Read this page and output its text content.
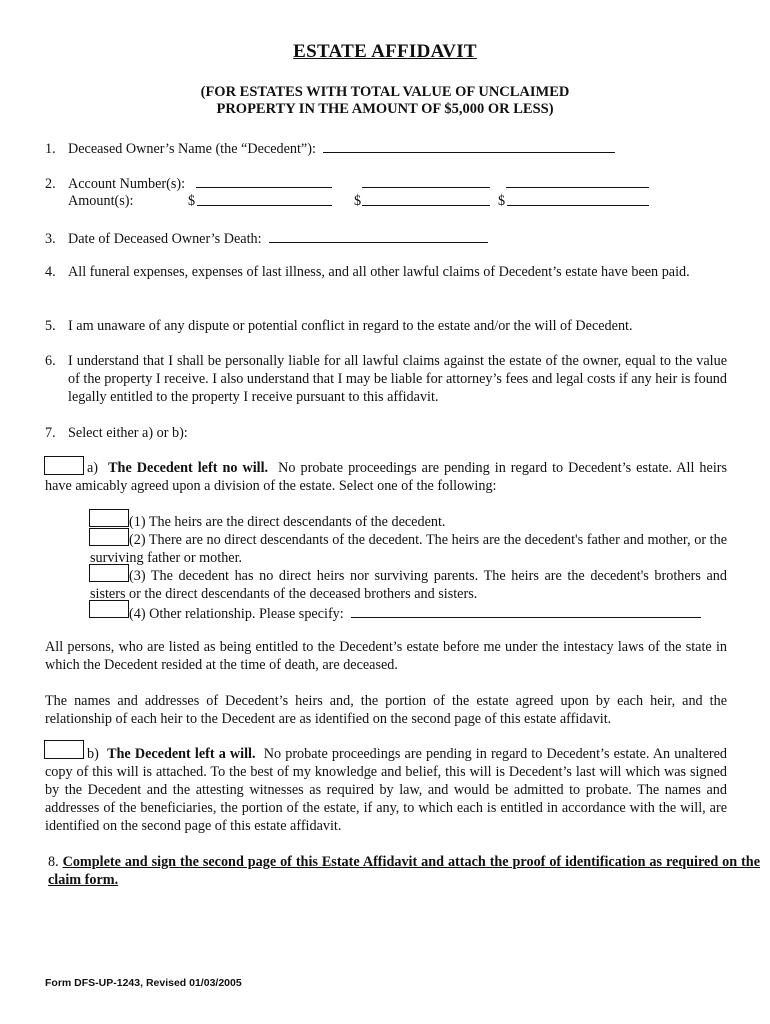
ESTATE AFFIDAVIT
(FOR ESTATES WITH TOTAL VALUE OF UNCLAIMED
PROPERTY IN THE AMOUNT OF $5,000 OR LESS)
1. Deceased Owner’s Name (the “Decedent”):
2. Account Number(s):
Amount(s):	$	$	$
3. Date of Deceased Owner’s Death:
4. All funeral expenses, expenses of last illness, and all other lawful claims of Decedent’s estate have been paid.
5. I am unaware of any dispute or potential conflict in regard to the estate and/or the will of Decedent.
6. I understand that I shall be personally liable for all lawful claims against the estate of the owner, equal to the value of the property I receive. I also understand that I may be liable for attorney’s fees and legal costs if any heir is found legally entitled to the property I receive pursuant to this affidavit.
7. Select either a) or b):
a) The Decedent left no will. No probate proceedings are pending in regard to Decedent’s estate. All heirs have amicably agreed upon a division of the estate. Select one of the following:
(1) The heirs are the direct descendants of the decedent.
(2) There are no direct descendants of the decedent. The heirs are the decedent's father and mother, or the surviving father or mother.
(3) The decedent has no direct heirs nor surviving parents. The heirs are the decedent's brothers and sisters or the direct descendants of the deceased brothers and sisters.
(4) Other relationship. Please specify:
All persons, who are listed as being entitled to the Decedent’s estate before me under the intestacy laws of the state in which the Decedent resided at the time of death, are deceased.
The names and addresses of Decedent’s heirs and, the portion of the estate agreed upon by each heir, and the relationship of each heir to the Decedent are as identified on the second page of this estate affidavit.
b) The Decedent left a will. No probate proceedings are pending in regard to Decedent’s estate. An unaltered copy of this will is attached. To the best of my knowledge and belief, this will is Decedent’s last will which was signed by the Decedent and the attesting witnesses as required by law, and would be admitted to probate. The names and addresses of the beneficiaries, the portion of the estate, if any, to which each is entitled in accordance with the will, are identified on the second page of this estate affidavit.
8. Complete and sign the second page of this Estate Affidavit and attach the proof of identification as required on the claim form.
Form DFS-UP-1243, Revised 01/03/2005
